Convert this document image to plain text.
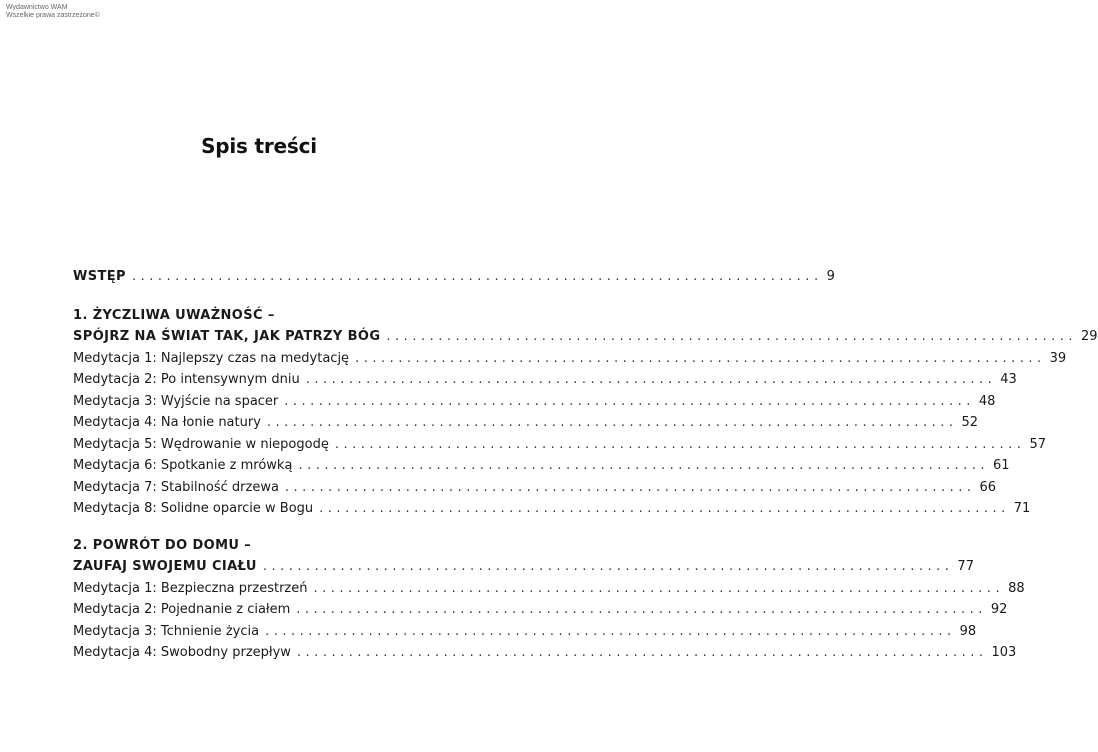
Wydawnictwo WAM
Wszelkie prawa zastrzeżone©
Spis treści
WSTĘP ................................................................................ 9
1. ŻYCZLIWA UWAŻNOŚĆ –
SPÓJRZ NA ŚWIAT TAK, JAK PATRZY BÓG ................................................................................ 29
Medytacja 1: Najlepszy czas na medytację ................................................................................ 39
Medytacja 2: Po intensywnym dniu ................................................................................ 43
Medytacja 3: Wyjście na spacer ................................................................................ 48
Medytacja 4: Na łonie natury ................................................................................ 52
Medytacja 5: Wędrowanie w niepogodę ................................................................................ 57
Medytacja 6: Spotkanie z mrówką ................................................................................ 61
Medytacja 7: Stabilność drzewa ................................................................................ 66
Medytacja 8: Solidne oparcie w Bogu ................................................................................ 71
2. POWRÓT DO DOMU –
ZAUFAJ SWOJEMU CIAŁU ................................................................................ 77
Medytacja 1: Bezpieczna przestrzeń ................................................................................ 88
Medytacja 2: Pojednanie z ciałem ................................................................................ 92
Medytacja 3: Tchnienie życia ................................................................................ 98
Medytacja 4: Swobodny przepływ ................................................................................ 103
